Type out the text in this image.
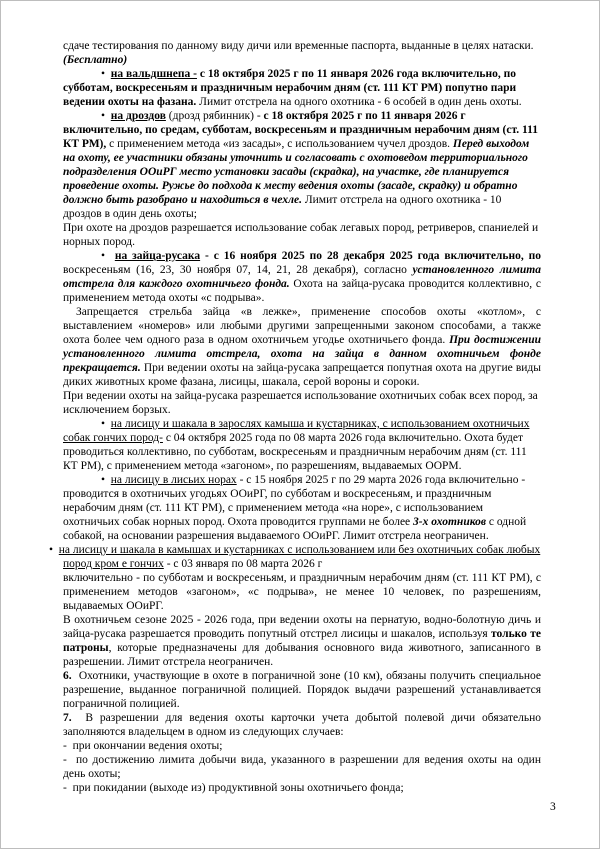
сдаче тестирования по данному виду дичи или временные паспорта, выданные в целях натаски.

(Бесплатно)

•  на вальдшнепа - с 18 октября 2025 г по 11 января 2026 года включительно, по субботам, воскресеньям и праздничным нерабочим дням (ст. 111 КТ РМ) попутно пари ведении охоты на фазана. Лимит отстрела на одного охотника - 6 особей в один день охоты.

•  на дроздов (дрозд рябинник) - с 18 октября 2025 г по 11 января 2026 г включительно, по средам, субботам, воскресеньям и праздничным нерабочим дням (ст. 111 КТ РМ), с применением метода «из засады», с использованием чучел дроздов. Перед выходом на охоту, ее участники обязаны уточнить и согласовать с охотоведом территориального подразделения ООиРГ место установки засады (скрадка), на участке, где планируется проведение охоты. Ружье до подхода к месту ведения охоты (засаде, скрадку) и обратно должно быть разобрано и находиться в чехле. Лимит отстрела на одного охотника - 10 дроздов в один день охоты;

При охоте на дроздов разрешается использование собак легавых пород, ретриверов, спаниелей и норных пород.

•  на зайца-русака - с 16 ноября 2025 по 28 декабря 2025 года включительно, по воскресеньям (16, 23, 30 ноября 07, 14, 21, 28 декабря), согласно установленного лимита отстрела для каждого охотничьего фонда. Охота на зайца-русака проводится коллективно, с применением метода охоты «с подрыва».

Запрещается стрельба зайца «в лежке», применение способов охоты «котлом», с выставлением «номеров» или любыми другими запрещенными законом способами, а также охота более чем одного раза в одном охотничьем угодье охотничьего фонда. При достижении установленного лимита отстрела, охота на зайца в данном охотничьем фонде прекращается. При ведении охоты на зайца-русака запрещается попутная охота на другие виды диких животных кроме фазана, лисицы, шакала, серой вороны и сороки.

При ведении охоты на зайца-русака разрешается использование охотничьих собак всех пород, за исключением борзых.

•  на лисицу и шакала в зарослях камыша и кустарниках, с использованием охотничьих собак гончих пород- с 04 октября 2025 года по 08 марта 2026 года включительно. Охота будет проводиться коллективно, по субботам, воскресеньям и праздничным нерабочим дням (ст. 111 КТ РМ), с применением метода «загоном», по разрешениям, выдаваемых ООРМ.

•  на лисицу в лисьих норах - с 15 ноября 2025 г по 29 марта 2026 года включительно - проводится в охотничьих угодьях ООиРГ, по субботам и воскресеньям, и праздничным нерабочим дням (ст. 111 КТ РМ), с применением метода «на норе», с использованием охотничьих собак норных пород. Охота проводится группами не более 3-х охотников с одной собакой, на основании разрешения выдаваемого ООиРГ. Лимит отстрела неограничен.

•  на лисицу и шакала в камышах и кустарниках с использованием или без охотничьих собак любых пород кром е гончих - с 03 января по 08 марта 2026 г

включительно - по субботам и воскресеньям, и праздничным нерабочим дням (ст. 111 КТ РМ), с применением методов «загоном», «с подрыва», не менее 10 человек, по разрешениям, выдаваемых ООиРГ.

В охотничьем сезоне 2025 - 2026 года, при ведении охоты на пернатую, водно-болотную дичь и зайца-русака разрешается проводить попутный отстрел лисицы и шакалов, используя только те патроны, которые предназначены для добывания основного вида животного, записанного в разрешении. Лимит отстрела неограничен.

6.  Охотники, участвующие в охоте в пограничной зоне (10 км), обязаны получить специальное разрешение, выданное пограничной полицией. Порядок выдачи разрешений устанавливается пограничной полицией.

7.  В разрешении для ведения охоты карточки учета добытой полевой дичи обязательно заполняются владельцем в одном из следующих случаев:

-  при окончании ведения охоты;

-  по достижению лимита добычи вида, указанного в разрешении для ведения охоты на один день охоты;

-  при покидании (выходе из) продуктивной зоны охотничьего фонда;

3
